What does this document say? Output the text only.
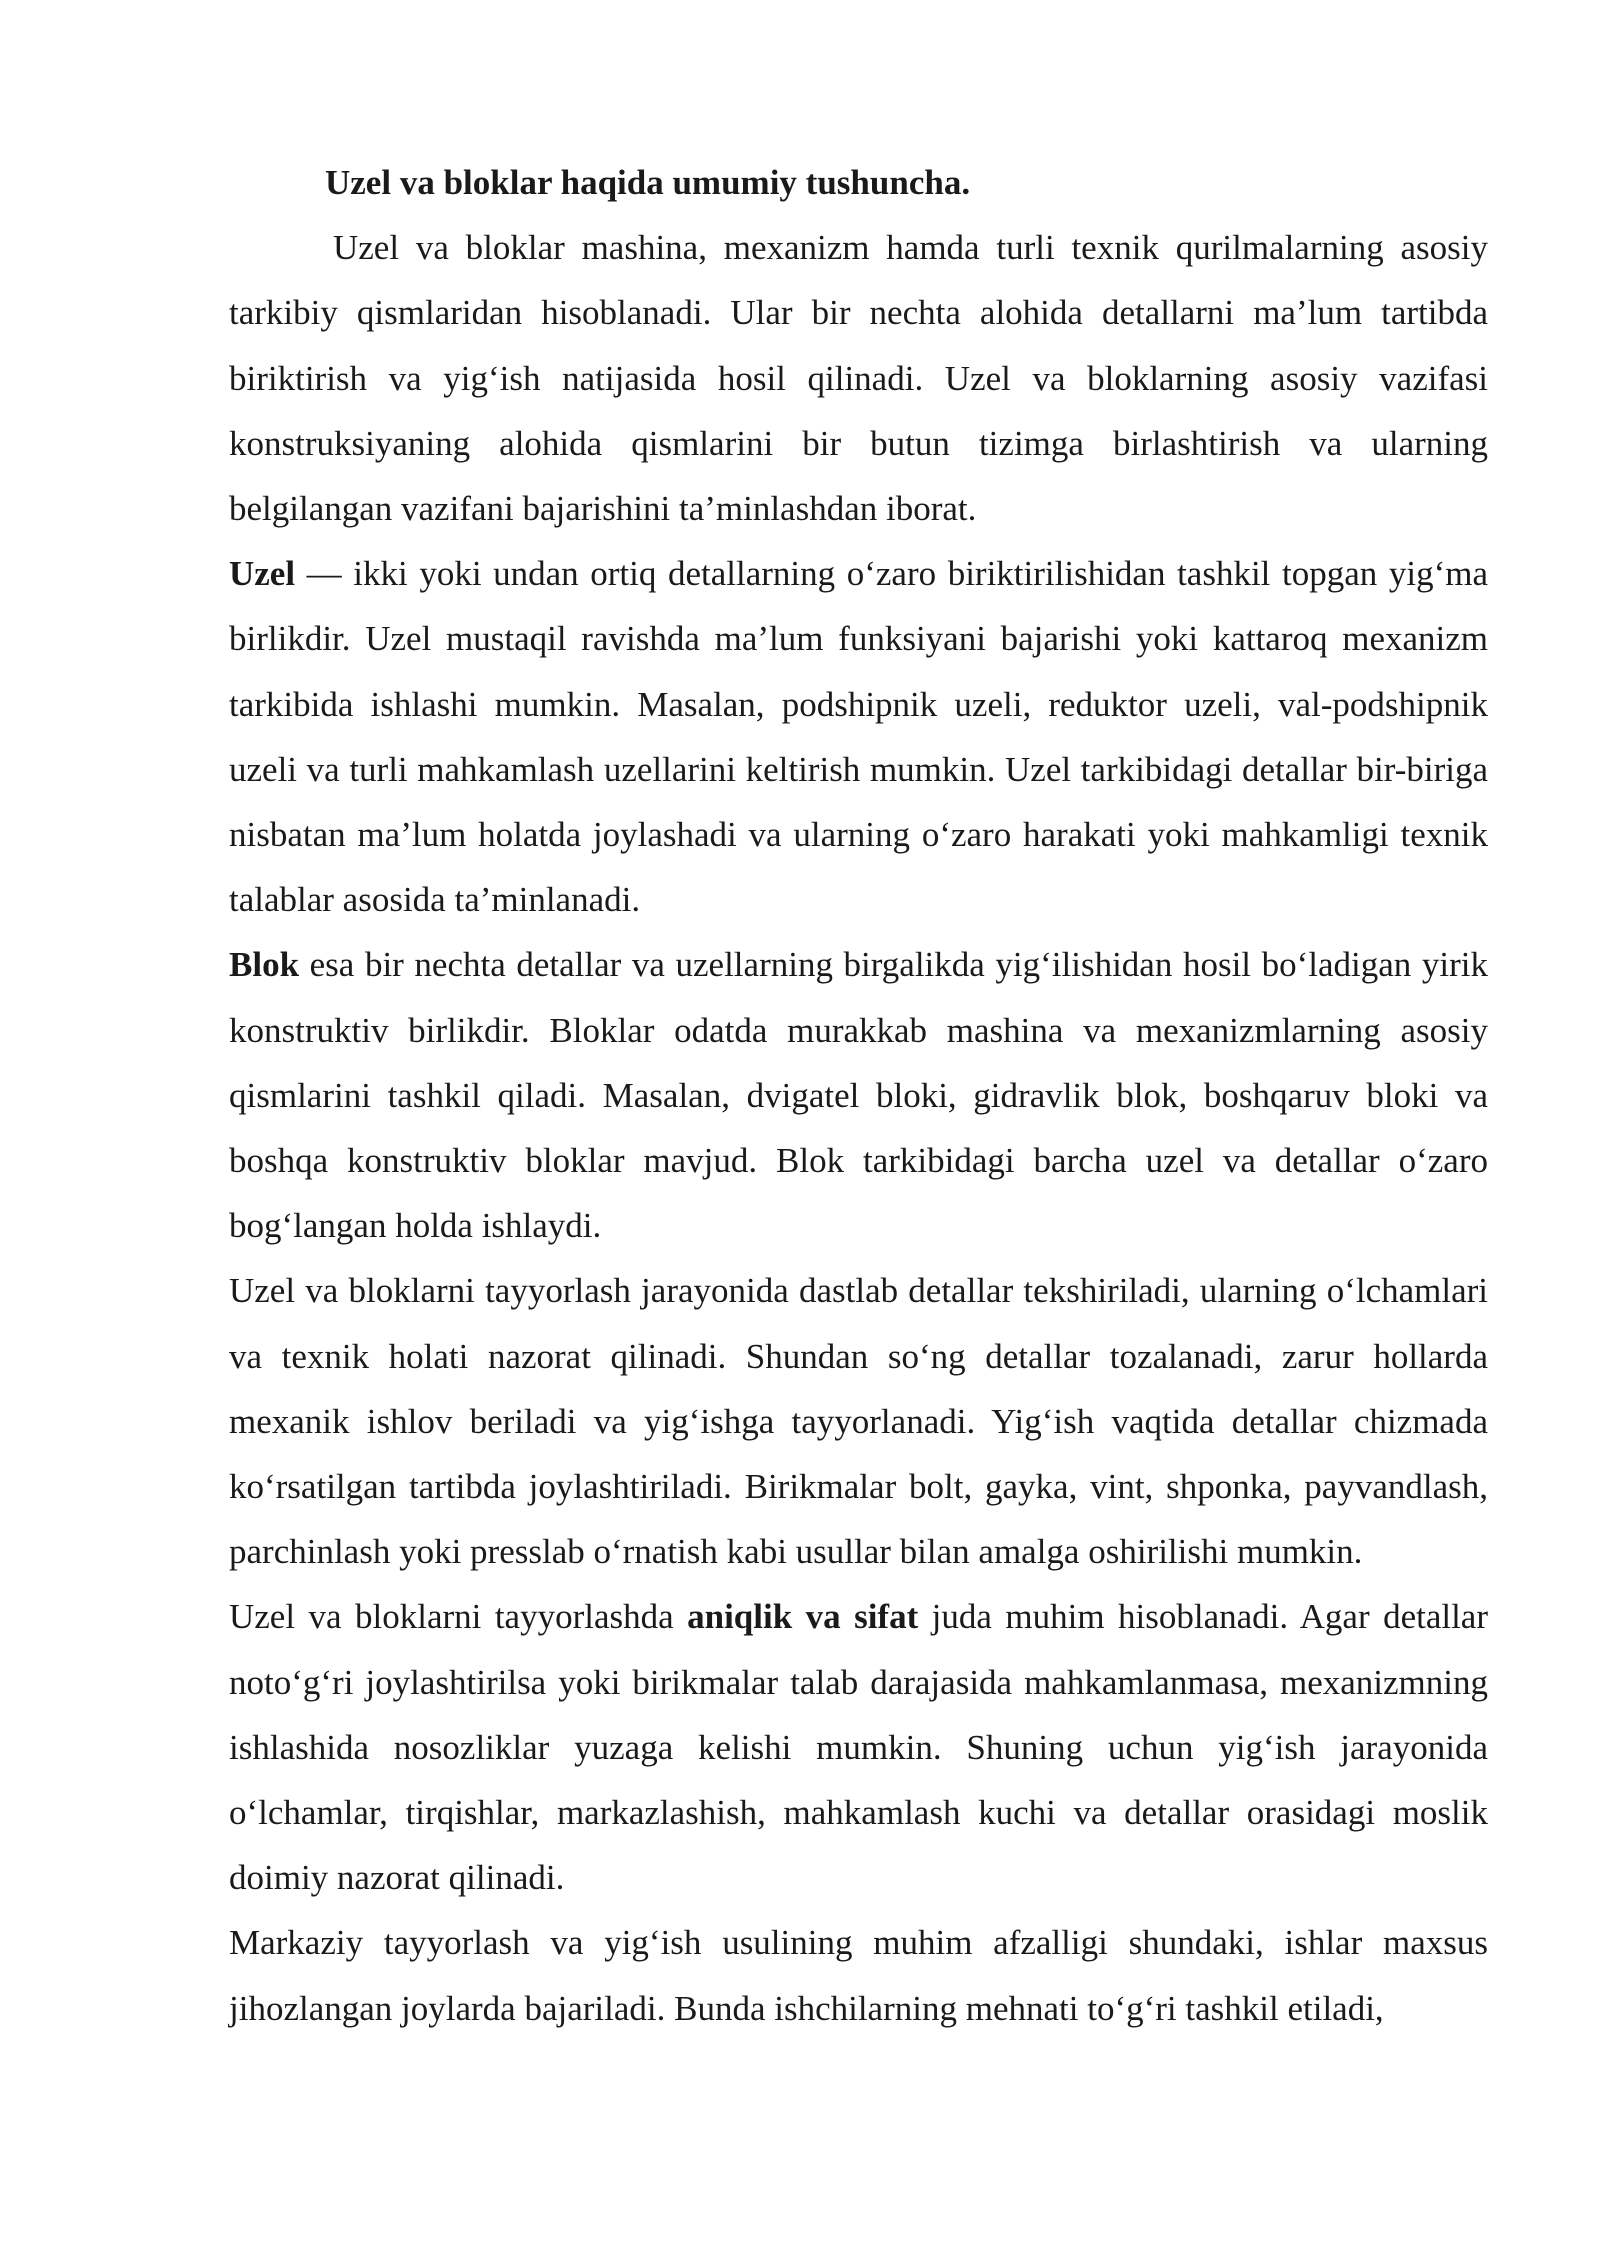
Uzel va bloklar haqida umumiy tushuncha.

Uzel va bloklar mashina, mexanizm hamda turli texnik qurilmalarning asosiy tarkibiy qismlaridan hisoblanadi. Ular bir nechta alohida detallarni ma’lum tartibda biriktirish va yig‘ish natijasida hosil qilinadi. Uzel va bloklarning asosiy vazifasi konstruksiyaning alohida qismlarini bir butun tizimga birlashtirish va ularning belgilangan vazifani bajarishini ta’minlashdan iborat.

Uzel — ikki yoki undan ortiq detallarning o‘zaro biriktirilishidan tashkil topgan yig‘ma birlikdir. Uzel mustaqil ravishda ma’lum funksiyani bajarishi yoki kattaroq mexanizm tarkibida ishlashi mumkin. Masalan, podshipnik uzeli, reduktor uzeli, val-podshipnik uzeli va turli mahkamlash uzellarini keltirish mumkin. Uzel tarkibidagi detallar bir-biriga nisbatan ma’lum holatda joylashadi va ularning o‘zaro harakati yoki mahkamligi texnik talablar asosida ta’minlanadi.

Blok esa bir nechta detallar va uzellarning birgalikda yig‘ilishidan hosil bo‘ladigan yirik konstruktiv birlikdir. Bloklar odatda murakkab mashina va mexanizmlarning asosiy qismlarini tashkil qiladi. Masalan, dvigatel bloki, gidravlik blok, boshqaruv bloki va boshqa konstruktiv bloklar mavjud. Blok tarkibidagi barcha uzel va detallar o‘zaro bog‘langan holda ishlaydi.

Uzel va bloklarni tayyorlash jarayonida dastlab detallar tekshiriladi, ularning o‘lchamlari va texnik holati nazorat qilinadi. Shundan so‘ng detallar tozalanadi, zarur hollarda mexanik ishlov beriladi va yig‘ishga tayyorlanadi. Yig‘ish vaqtida detallar chizmada ko‘rsatilgan tartibda joylashtiriladi. Birikmalar bolt, gayka, vint, shponka, payvandlash, parchinlash yoki presslab o‘rnatish kabi usullar bilan amalga oshirilishi mumkin.

Uzel va bloklarni tayyorlashda aniqlik va sifat juda muhim hisoblanadi. Agar detallar noto‘g‘ri joylashtirilsa yoki birikmalar talab darajasida mahkamlanmasa, mexanizmning ishlashida nosozliklar yuzaga kelishi mumkin. Shuning uchun yig‘ish jarayonida o‘lchamlar, tirqishlar, markazlashish, mahkamlash kuchi va detallar orasidagi moslik doimiy nazorat qilinadi.

Markaziy tayyorlash va yig‘ish usulining muhim afzalligi shundaki, ishlar maxsus jihozlangan joylarda bajariladi. Bunda ishchilarning mehnati to‘g‘ri tashkil etiladi,
